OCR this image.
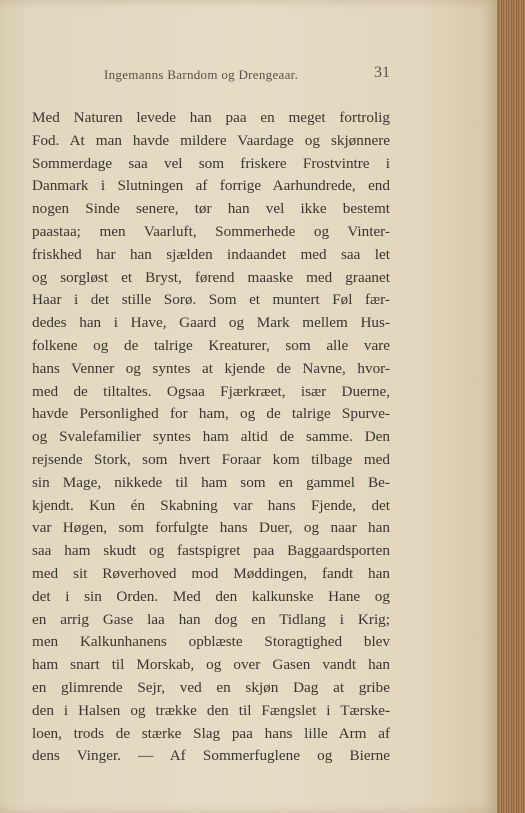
Ingemanns Barndom og Drengeaar.	31
Med Naturen levede han paa en meget fortrolig
Fod. At man havde mildere Vaardage og skjønnere
Sommerdage saa vel som friskere Frostvintre i
Danmark i Slutningen af forrige Aarhundrede, end
nogen Sinde senere, tør han vel ikke bestemt
paastaa; men Vaarluft, Sommerhede og Vinter-
friskhed har han sjælden indaandet med saa let
og sorgløst et Bryst, førend maaske med graanet
Haar i det stille Sorø. Som et muntert Føl fær-
dedes han i Have, Gaard og Mark mellem Hus-
folkene og de talrige Kreaturer, som alle vare
hans Venner og syntes at kjende de Navne, hvor-
med de tiltaltes. Ogsaa Fjærkræet, især Duerne,
havde Personlighed for ham, og de talrige Spurve-
og Svalefamilier syntes ham altid de samme. Den
rejsende Stork, som hvert Foraar kom tilbage med
sin Mage, nikkede til ham som en gammel Be-
kjendt. Kun én Skabning var hans Fjende, det
var Høgen, som forfulgte hans Duer, og naar han
saa ham skudt og fastspigret paa Baggaardsporten
med sit Røverhoved mod Møddingen, fandt han
det i sin Orden. Med den kalkunske Hane og
en arrig Gase laa han dog en Tidlang i Krig;
men Kalkunhanens opblæste Storagtighed blev
ham snart til Morskab, og over Gasen vandt han
en glimrende Sejr, ved en skjøn Dag at gribe
den i Halsen og trække den til Fængslet i Tærske-
loen, trods de stærke Slag paa hans lille Arm af
dens Vinger. — Af Sommerfuglene og Bierne
